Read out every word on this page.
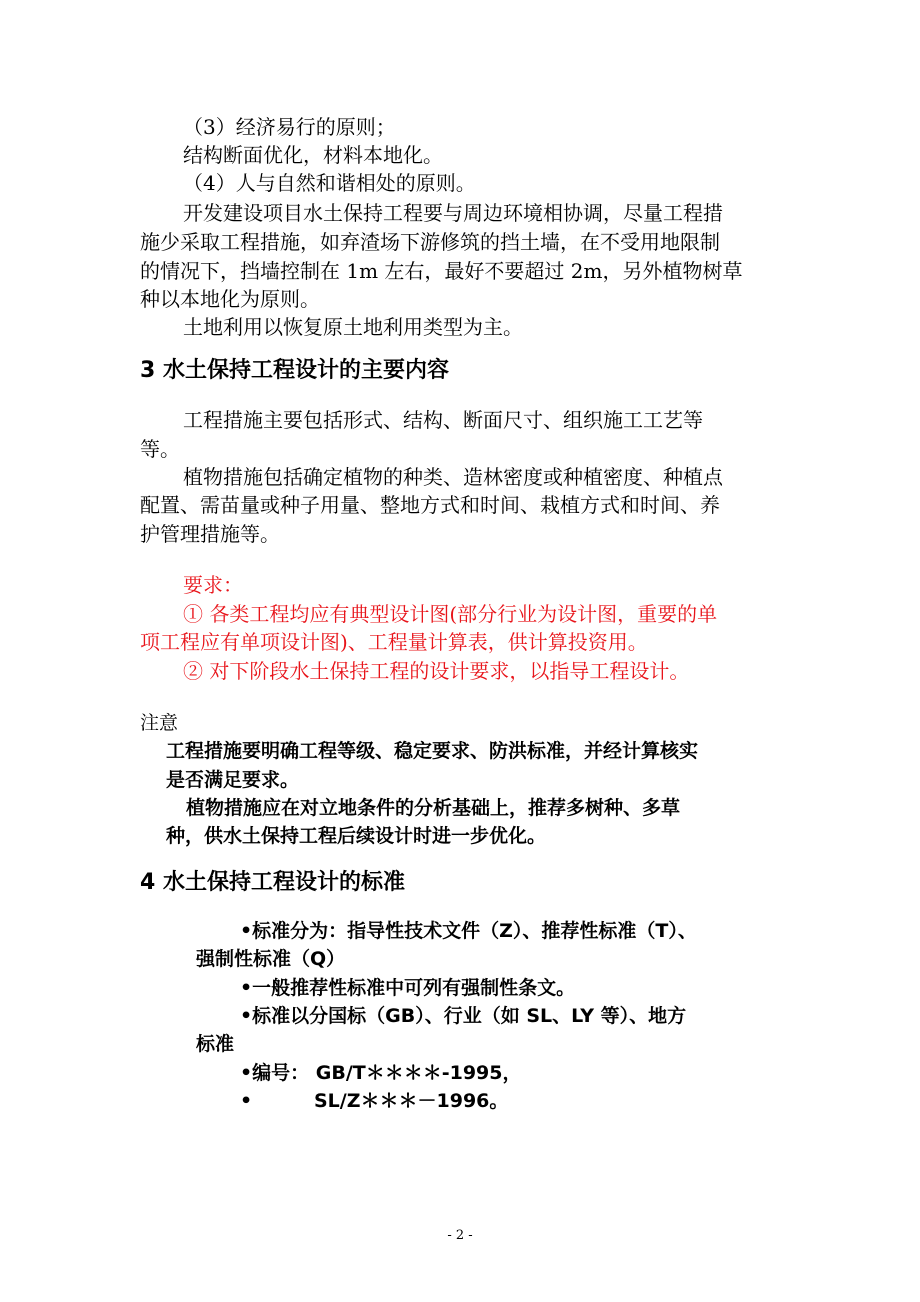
（3）经济易行的原则；
结构断面优化，材料本地化。
（4）人与自然和谐相处的原则。
开发建设项目水土保持工程要与周边环境相协调，尽量工程措
施少采取工程措施，如弃渣场下游修筑的挡土墙，在不受用地限制
的情况下，挡墙控制在 1m 左右，最好不要超过 2m，另外植物树草
种以本地化为原则。
土地利用以恢复原土地利用类型为主。
3 水土保持工程设计的主要内容
工程措施主要包括形式、结构、断面尺寸、组织施工工艺等
等。
植物措施包括确定植物的种类、造林密度或种植密度、种植点
配置、需苗量或种子用量、整地方式和时间、栽植方式和时间、养
护管理措施等。
要求：
① 各类工程均应有典型设计图(部分行业为设计图，重要的单
项工程应有单项设计图)、工程量计算表，供计算投资用。
② 对下阶段水土保持工程的设计要求，以指导工程设计。
注意
工程措施要明确工程等级、稳定要求、防洪标准，并经计算核实
是否满足要求。
植物措施应在对立地条件的分析基础上，推荐多树种、多草
种，供水土保持工程后续设计时进一步优化。
4 水土保持工程设计的标准
•标准分为：指导性技术文件（Z）、推荐性标准（T）、
强制性标准（Q）
•一般推荐性标准中可列有强制性条文。
•标准以分国标（GB）、行业（如 SL、LY 等）、地方
标准
•编号： GB/T＊＊＊＊-1995，
•	SL/Z＊＊＊－1996。
- 2 -
